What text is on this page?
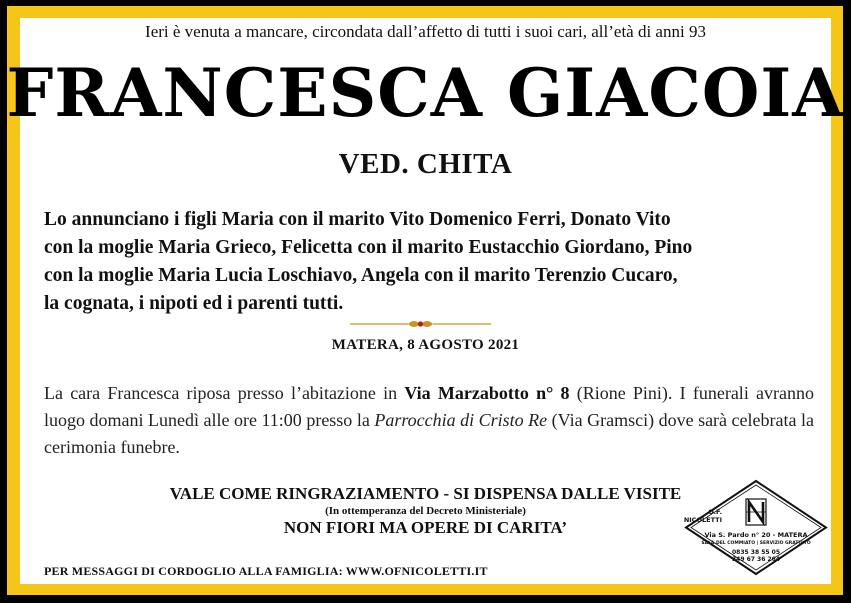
Ieri è venuta a mancare, circondata dall’affetto di tutti i suoi cari, all’età di anni 93
FRANCESCA GIACOIA
VED. CHITA

Lo annunciano i figli Maria con il marito Vito Domenico Ferri, Donato Vito

con la moglie Maria Grieco, Felicetta con il marito Eustacchio Giordano, Pino

con la moglie Maria Lucia Loschiavo, Angela con il marito Terenzio Cucaro,

la cognata, i nipoti ed i parenti tutti.

MATERA, 8 AGOSTO 2021
La cara Francesca riposa presso l’abitazione in Via Marzabotto n° 8 (Rione Pini). I funerali avranno luogo domani Lunedì alle ore 11:00 presso la Parrocchia di Cristo Re (Via Gramsci) dove sarà celebrata la cerimonia funebre.
VALE COME RINGRAZIAMENTO - SI DISPENSA DALLE VISITE
(In ottemperanza del Decreto Ministeriale)
NON FIORI MA OPERE DI CARITA’
PER MESSAGGI DI CORDOGLIO ALLA FAMIGLIA: WWW.OFNICOLETTI.IT
O.F. NICOLETTI
Via S. Pardo n° 20 - MATERA
SALA DEL COMMIATO | SERVIZIO GRATUITO
0835 38 55 05
349 67 36 264
